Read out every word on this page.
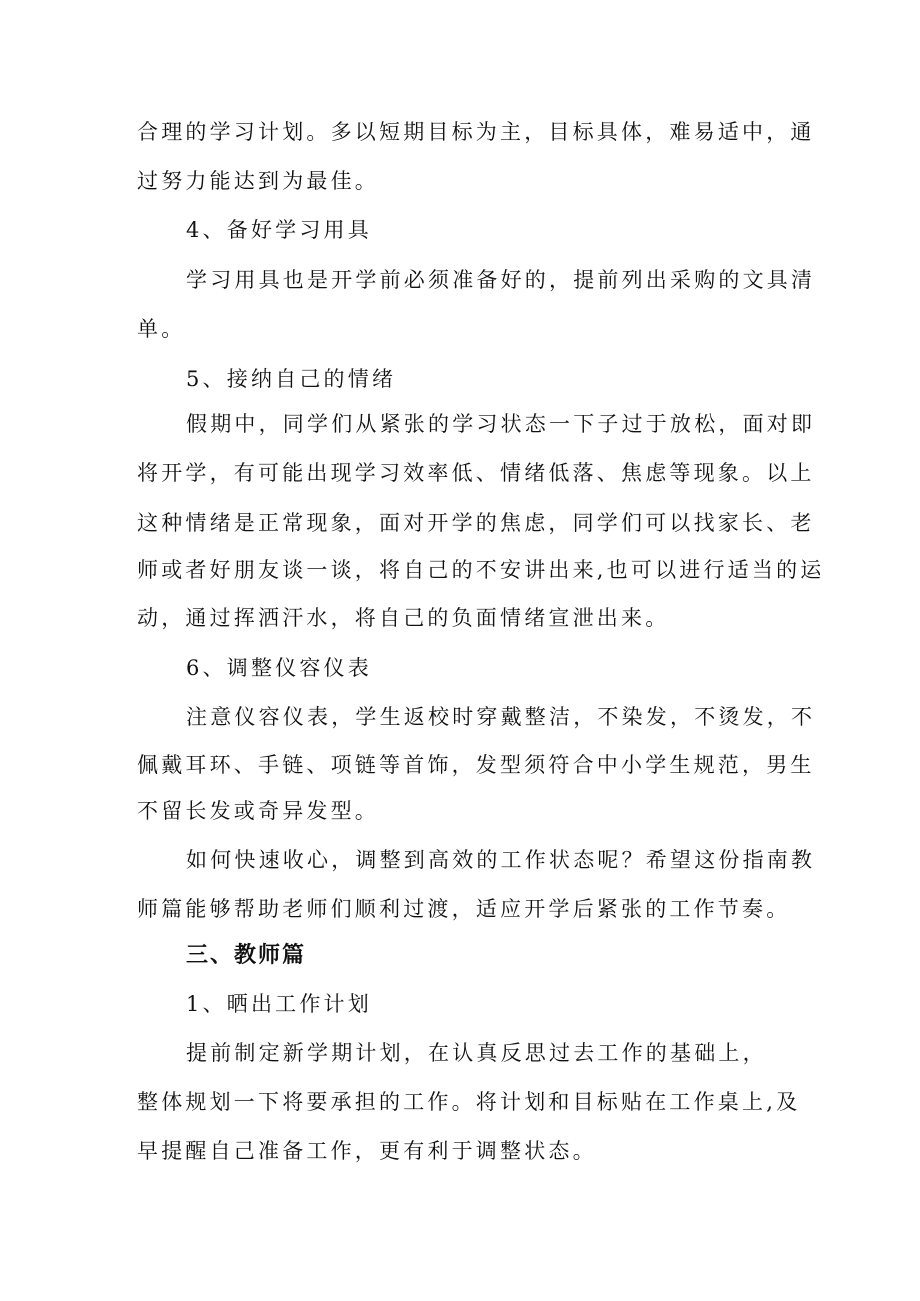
合理的学习计划。多以短期目标为主，目标具体，难易适中，通
过努力能达到为最佳。
4、备好学习用具
学习用具也是开学前必须准备好的，提前列出采购的文具清
单。
5、接纳自己的情绪
假期中，同学们从紧张的学习状态一下子过于放松，面对即
将开学，有可能出现学习效率低、情绪低落、焦虑等现象。以上
这种情绪是正常现象，面对开学的焦虑，同学们可以找家长、老
师或者好朋友谈一谈，将自己的不安讲出来,也可以进行适当的运
动，通过挥洒汗水，将自己的负面情绪宣泄出来。
6、调整仪容仪表
注意仪容仪表，学生返校时穿戴整洁，不染发，不烫发，不
佩戴耳环、手链、项链等首饰，发型须符合中小学生规范，男生
不留长发或奇异发型。
如何快速收心，调整到高效的工作状态呢？希望这份指南教
师篇能够帮助老师们顺利过渡，适应开学后紧张的工作节奏。
三、教师篇
1、晒出工作计划
提前制定新学期计划，在认真反思过去工作的基础上，
整体规划一下将要承担的工作。将计划和目标贴在工作桌上,及
早提醒自己准备工作，更有利于调整状态。
